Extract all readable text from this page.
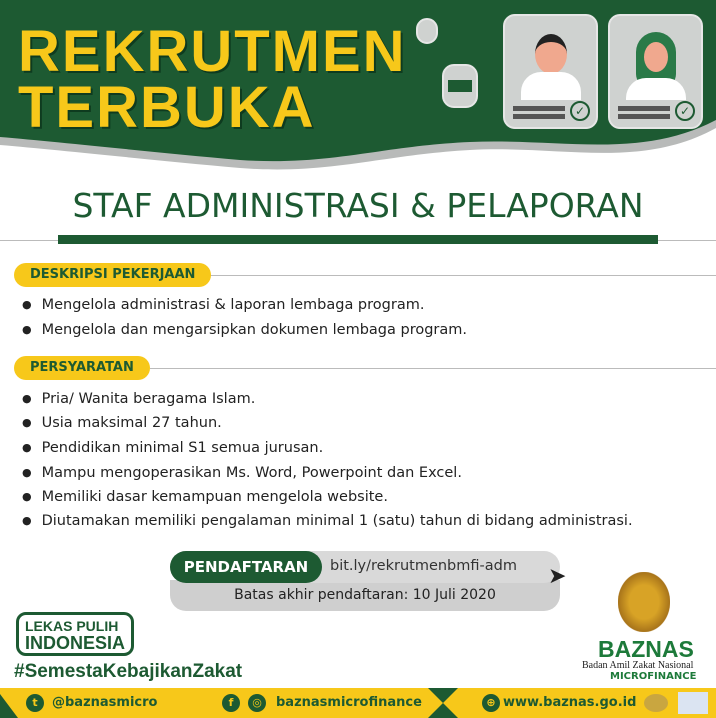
REKRUTMEN
TERBUKA	✓	✓
STAF ADMINISTRASI & PELAPORAN
DESKRIPSI PEKERJAAN
● Mengelola administrasi & laporan lembaga program.
● Mengelola dan mengarsipkan dokumen lembaga program.
PERSYARATAN
● Pria/ Wanita beragama Islam.
● Usia maksimal 27 tahun.
● Pendidikan minimal S1 semua jurusan.
● Mampu mengoperasikan Ms. Word, Powerpoint dan Excel.
● Memiliki dasar kemampuan mengelola website.
● Diutamakan memiliki pengalaman minimal 1 (satu) tahun di bidang administrasi.
Batas akhir pendaftaran: 10 Juli 2020
bit.ly/rekrutmenbmfi-adm
PENDAFTARAN	➤
LEKAS PULIH
INDONESIA
#SemestaKebajikanZakat
BAZNAS
Badan Amil Zakat Nasional
MICROFINANCE
t	@baznasmicro	f	◎	baznasmicrofinance	⊕ www.baznas.go.id
